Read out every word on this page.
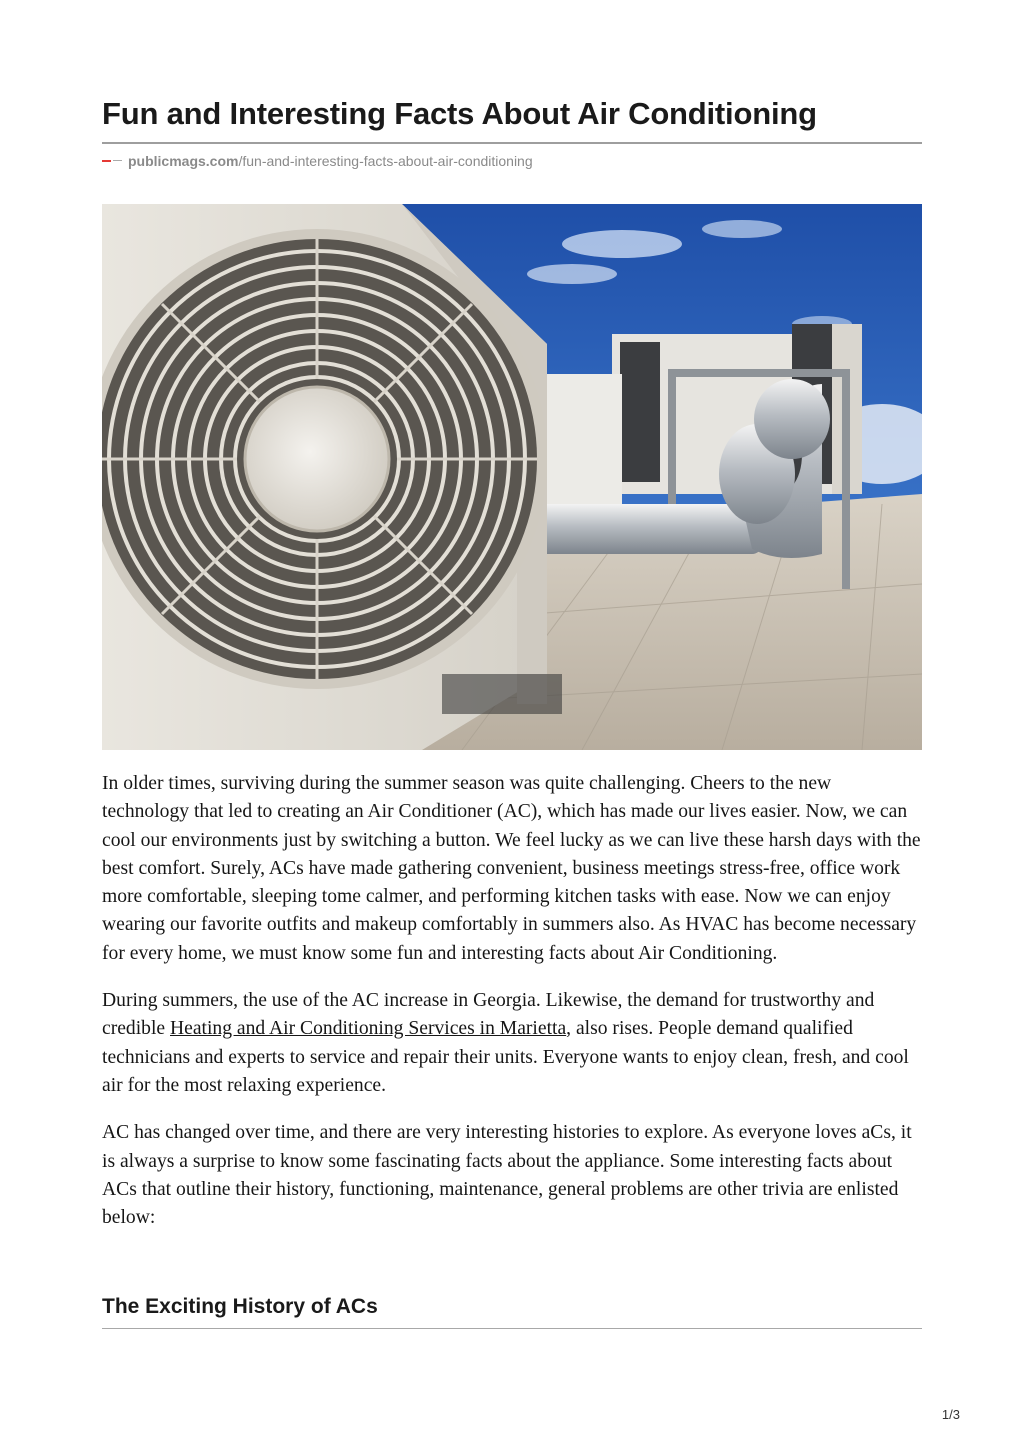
Fun and Interesting Facts About Air Conditioning
publicmags.com /fun-and-interesting-facts-about-air-conditioning

In older times, surviving during the summer season was quite challenging. Cheers to the new technology that led to creating an Air Conditioner (AC), which has made our lives easier. Now, we can cool our environments just by switching a button. We feel lucky as we can live these harsh days with the best comfort. Surely, ACs have made gathering convenient, business meetings stress-free, office work more comfortable, sleeping tome calmer, and performing kitchen tasks with ease. Now we can enjoy wearing our favorite outfits and makeup comfortably in summers also. As HVAC has become necessary for every home, we must know some fun and interesting facts about Air Conditioning.

During summers, the use of the AC increase in Georgia. Likewise, the demand for trustworthy and credible Heating and Air Conditioning Services in Marietta, also rises. People demand qualified technicians and experts to service and repair their units. Everyone wants to enjoy clean, fresh, and cool air for the most relaxing experience.

AC has changed over time, and there are very interesting histories to explore. As everyone loves aCs, it is always a surprise to know some fascinating facts about the appliance. Some interesting facts about ACs that outline their history, functioning, maintenance, general problems are other trivia are enlisted below:

The Exciting History of ACs
1/3
